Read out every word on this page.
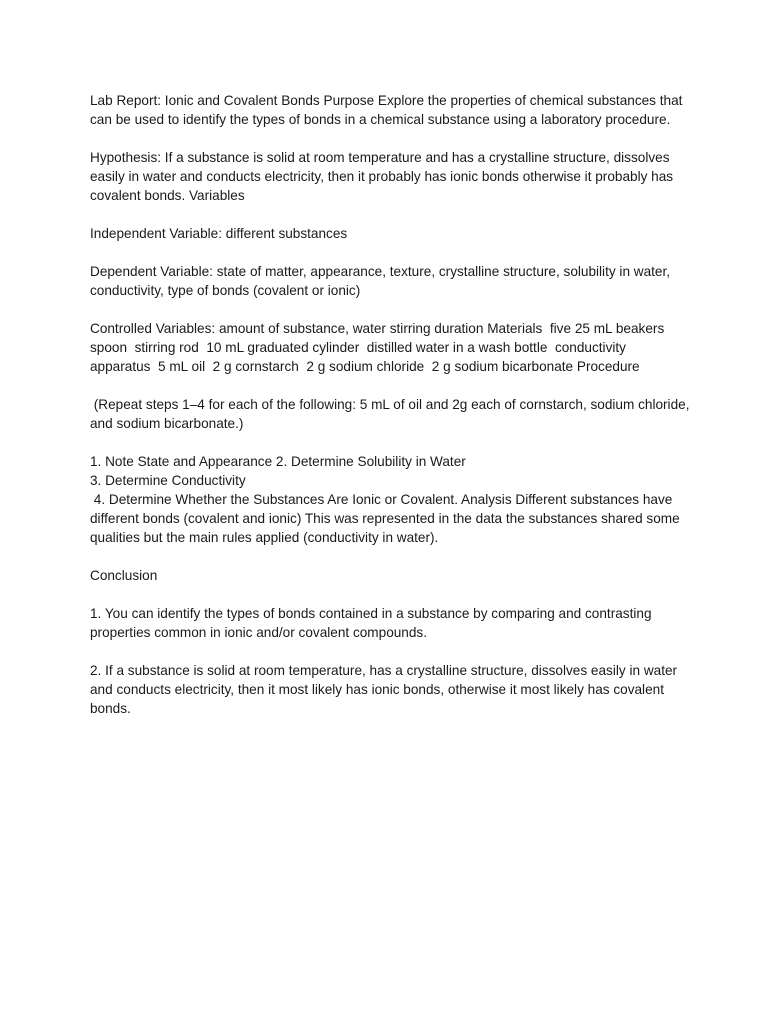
Lab Report: Ionic and Covalent Bonds Purpose Explore the properties of chemical substances that can be used to identify the types of bonds in a chemical substance using a laboratory procedure.

Hypothesis: If a substance is solid at room temperature and has a crystalline structure, dissolves easily in water and conducts electricity, then it probably has ionic bonds otherwise it probably has covalent bonds. Variables

Independent Variable: different substances

Dependent Variable: state of matter, appearance, texture, crystalline structure, solubility in water, conductivity, type of bonds (covalent or ionic)

Controlled Variables: amount of substance, water stirring duration Materials  five 25 mL beakers  spoon  stirring rod  10 mL graduated cylinder  distilled water in a wash bottle  conductivity apparatus  5 mL oil  2 g cornstarch  2 g sodium chloride  2 g sodium bicarbonate Procedure

(Repeat steps 1–4 for each of the following: 5 mL of oil and 2g each of cornstarch, sodium chloride, and sodium bicarbonate.)

1. Note State and Appearance 2. Determine Solubility in Water
3. Determine Conductivity
4. Determine Whether the Substances Are Ionic or Covalent. Analysis Different substances have different bonds (covalent and ionic) This was represented in the data the substances shared some qualities but the main rules applied (conductivity in water).

Conclusion

1. You can identify the types of bonds contained in a substance by comparing and contrasting properties common in ionic and/or covalent compounds.

2. If a substance is solid at room temperature, has a crystalline structure, dissolves easily in water and conducts electricity, then it most likely has ionic bonds, otherwise it most likely has covalent bonds.
